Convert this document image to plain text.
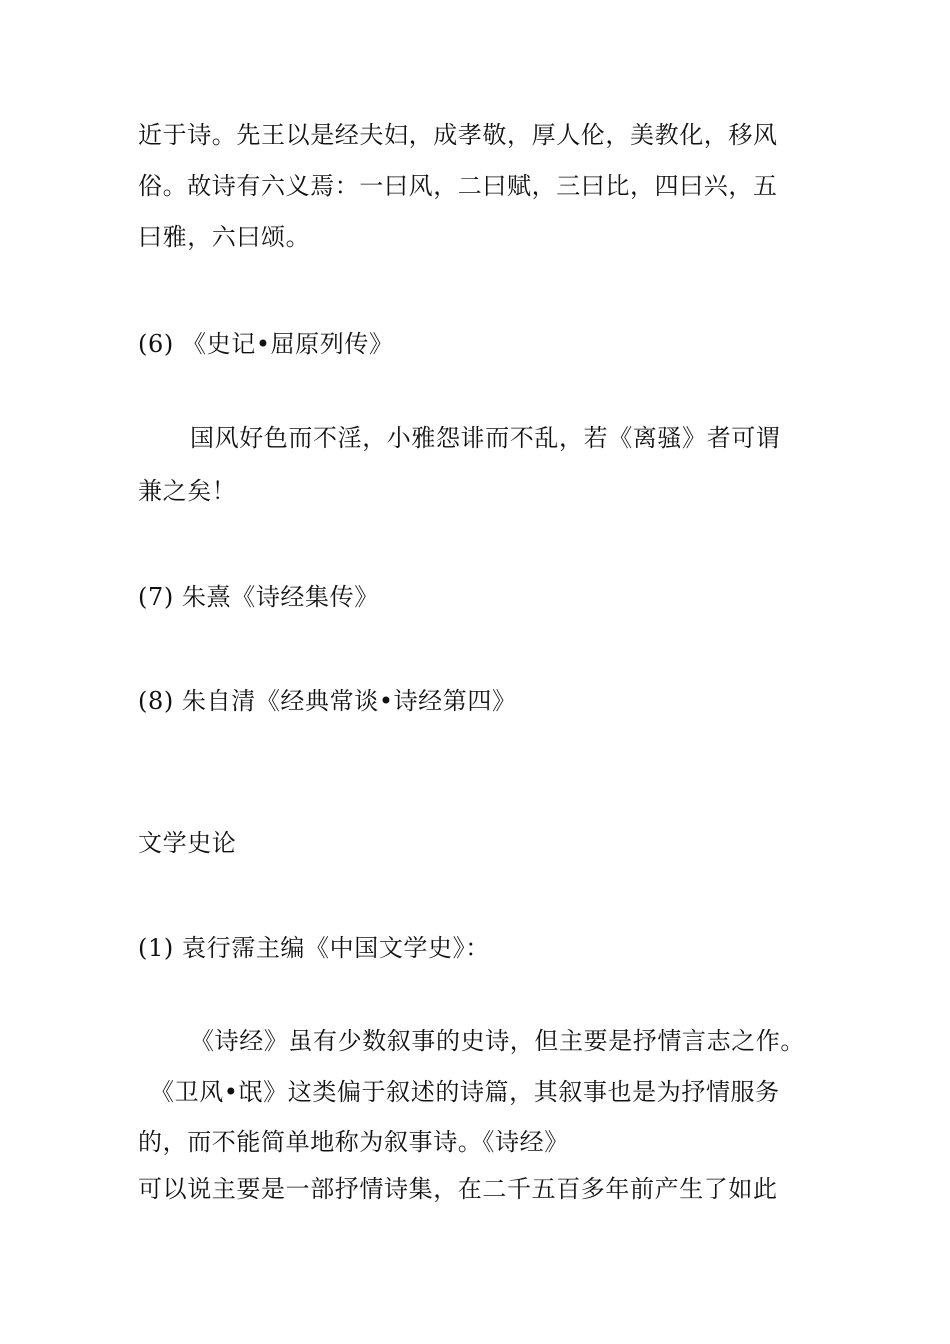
近于诗。先王以是经夫妇，成孝敬，厚人伦，美教化，移风
俗。故诗有六义焉：一曰风，二曰赋，三曰比，四曰兴，五
曰雅，六曰颂。
(6) 《史记•屈原列传》
国风好色而不淫，小雅怨诽而不乱，若《离骚》者可谓
兼之矣！
(7) 朱熹《诗经集传》
(8) 朱自清《经典常谈•诗经第四》
文学史论
(1) 袁行霈主编《中国文学史》：
《诗经》虽有少数叙事的史诗，但主要是抒情言志之作。
《卫风•氓》这类偏于叙述的诗篇，其叙事也是为抒情服务
的，而不能简单地称为叙事诗。《诗经》
可以说主要是一部抒情诗集，在二千五百多年前产生了如此
